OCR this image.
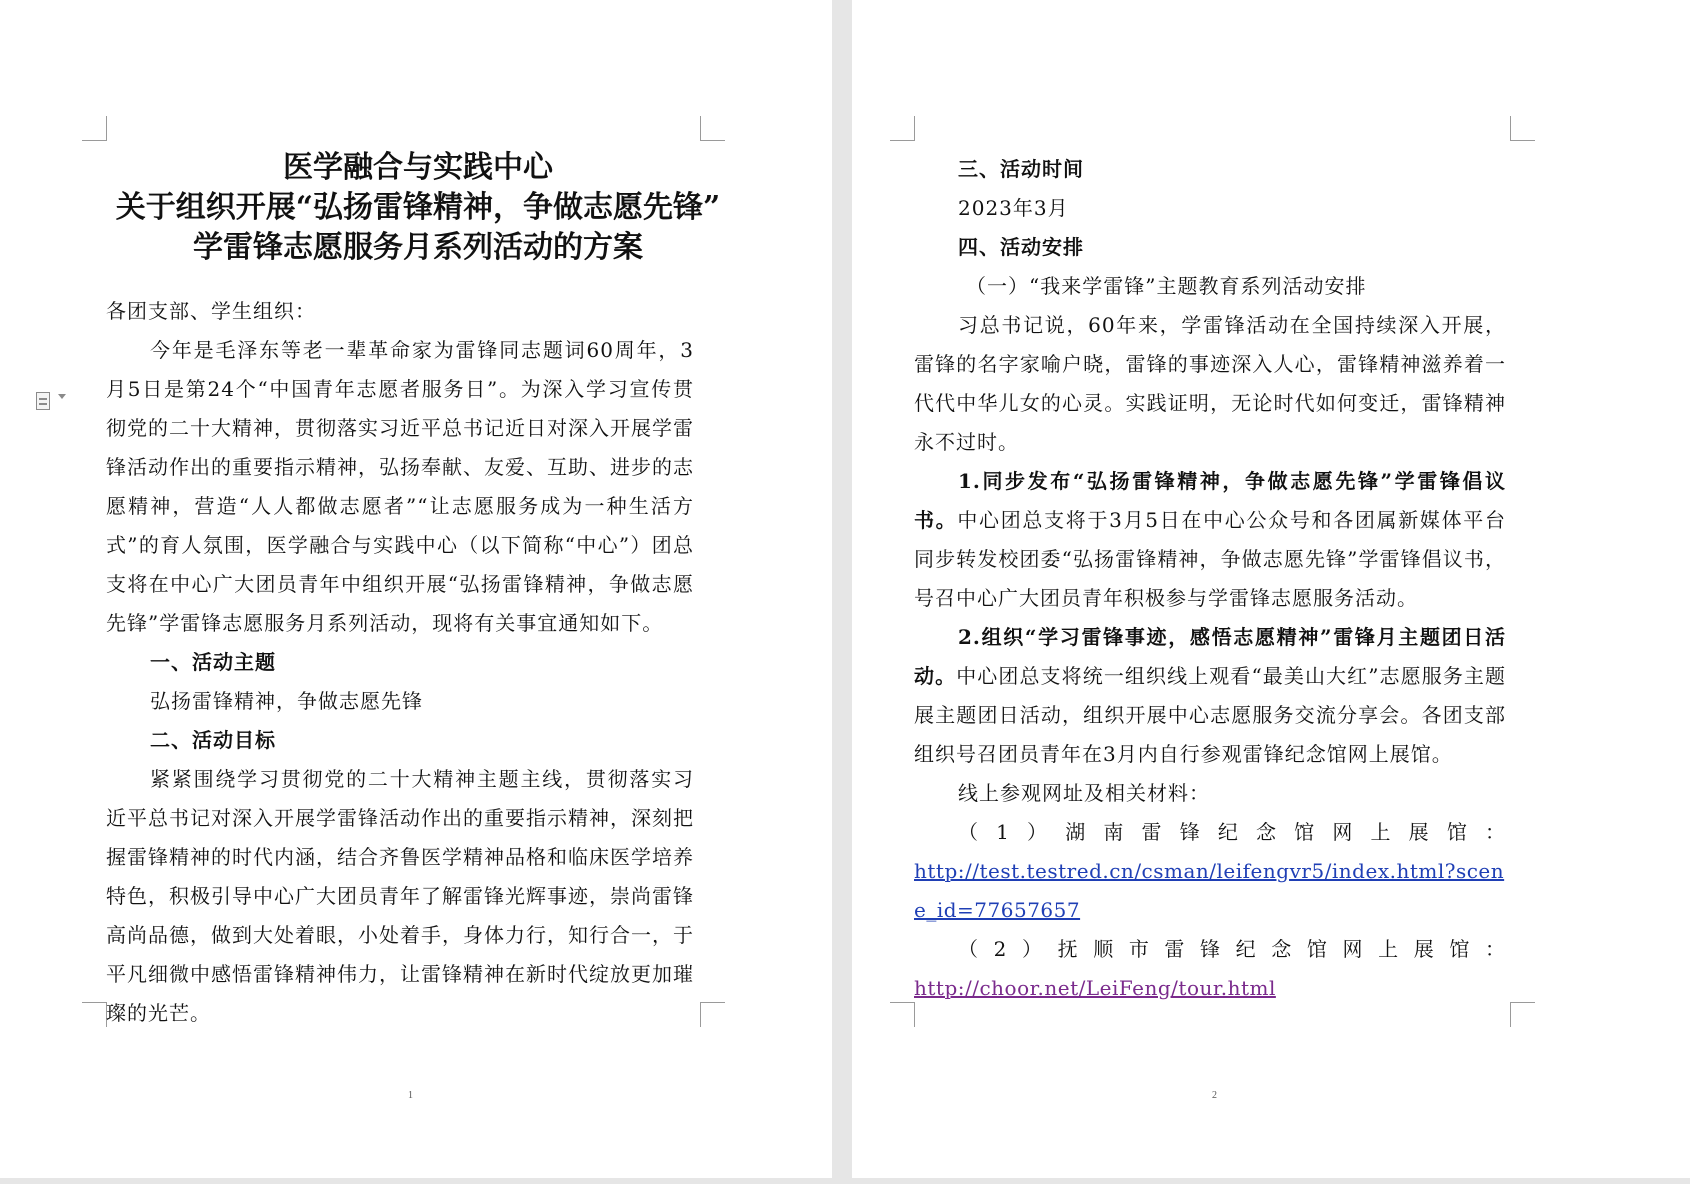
医学融合与实践中心
关于组织开展“弘扬雷锋精神，争做志愿先锋”
学雷锋志愿服务月系列活动的方案

各团支部、学生组织：

今年是毛泽东等老一辈革命家为雷锋同志题词60周年，3月5日是第24个“中国青年志愿者服务日”。为深入学习宣传贯彻党的二十大精神，贯彻落实习近平总书记近日对深入开展学雷锋活动作出的重要指示精神，弘扬奉献、友爱、互助、进步的志愿精神，营造“人人都做志愿者”“让志愿服务成为一种生活方式”的育人氛围，医学融合与实践中心（以下简称“中心”）团总支将在中心广大团员青年中组织开展“弘扬雷锋精神，争做志愿先锋”学雷锋志愿服务月系列活动，现将有关事宜通知如下。

一、活动主题

弘扬雷锋精神，争做志愿先锋

二、活动目标

紧紧围绕学习贯彻党的二十大精神主题主线，贯彻落实习近平总书记对深入开展学雷锋活动作出的重要指示精神，深刻把握雷锋精神的时代内涵，结合齐鲁医学精神品格和临床医学培养特色，积极引导中心广大团员青年了解雷锋光辉事迹，崇尚雷锋高尚品德，做到大处着眼，小处着手，身体力行，知行合一，于平凡细微中感悟雷锋精神伟力，让雷锋精神在新时代绽放更加璀璨的光芒。

1

三、活动时间

2023年3月

四、活动安排

（一）“我来学雷锋”主题教育系列活动安排

习总书记说，60年来，学雷锋活动在全国持续深入开展，雷锋的名字家喻户晓，雷锋的事迹深入人心，雷锋精神滋养着一代代中华儿女的心灵。实践证明，无论时代如何变迁，雷锋精神永不过时。

1.同步发布“弘扬雷锋精神，争做志愿先锋”学雷锋倡议书。中心团总支将于3月5日在中心公众号和各团属新媒体平台同步转发校团委“弘扬雷锋精神，争做志愿先锋”学雷锋倡议书，号召中心广大团员青年积极参与学雷锋志愿服务活动。

2.组织“学习雷锋事迹，感悟志愿精神”雷锋月主题团日活动。中心团总支将统一组织线上观看“最美山大红”志愿服务主题展主题团日活动，组织开展中心志愿服务交流分享会。各团支部组织号召团员青年在3月内自行参观雷锋纪念馆网上展馆。

线上参观网址及相关材料：

（1）湖南雷锋纪念馆网上展馆：

http://test.testred.cn/csman/leifengvr5/index.html?scene_id=77657657

（2）抚顺市雷锋纪念馆网上展馆：

http://choor.net/LeiFeng/tour.html

2
